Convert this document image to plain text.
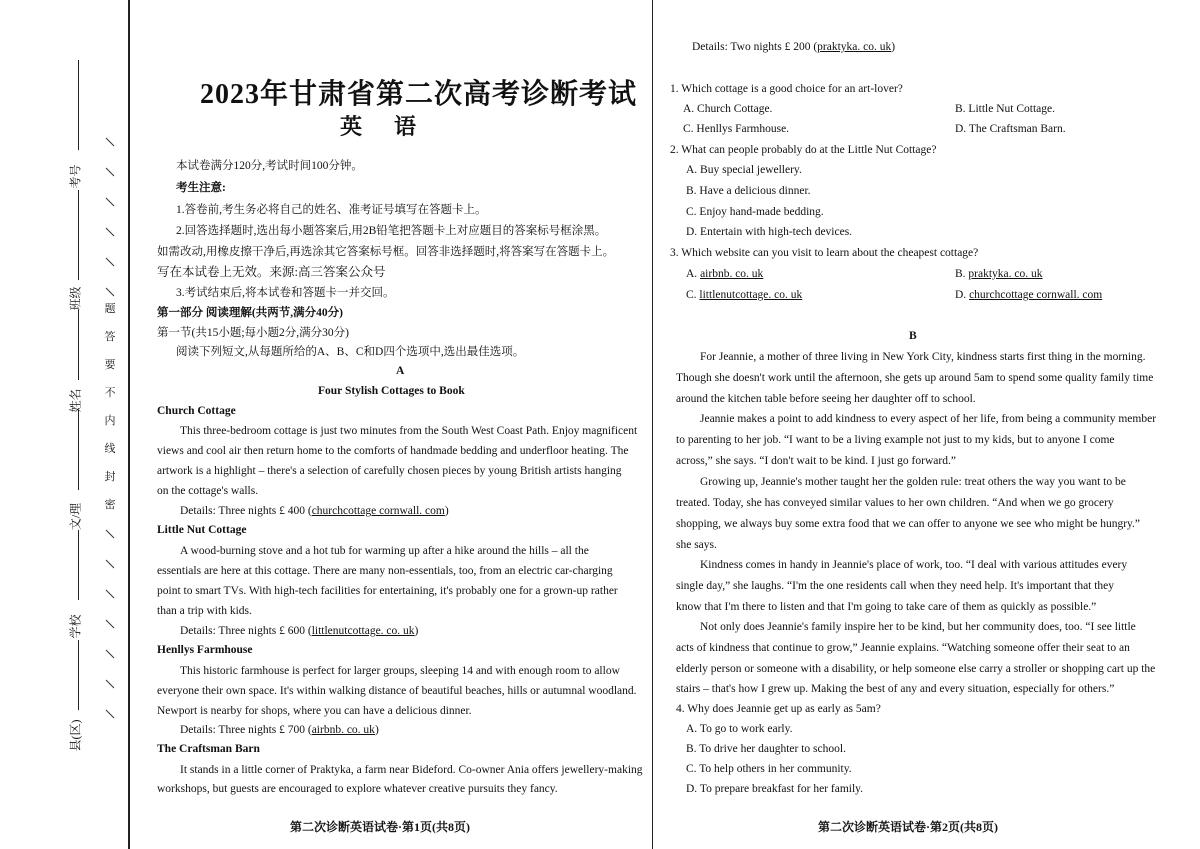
县(区)
学校
文/理
姓名
班级
考号
密
封
线
内
不
要
答
题
2023年甘肃省第二次高考诊断考试
英语
本试卷满分120分,考试时间100分钟。
考生注意:
1.答卷前,考生务必将自己的姓名、准考证号填写在答题卡上。
2.回答选择题时,选出每小题答案后,用2B铅笔把答题卡上对应题目的答案标号框涂黑。
如需改动,用橡皮擦干净后,再选涂其它答案标号框。回答非选择题时,将答案写在答题卡上。
写在本试卷上无效。来源:高三答案公众号
3.考试结束后,将本试卷和答题卡一并交回。
第一部分 阅读理解(共两节,满分40分)
第一节(共15小题;每小题2分,满分30分)
阅读下列短文,从每题所给的A、B、C和D四个选项中,选出最佳选项。
A
Four Stylish Cottages to Book
Church Cottage
This three-bedroom cottage is just two minutes from the South West Coast Path. Enjoy magnificent
views and cool air then return home to the comforts of handmade bedding and underfloor heating. The
artwork is a highlight – there's a selection of carefully chosen pieces by young British artists hanging
on the cottage's walls.
Details: Three nights £ 400 (churchcottage cornwall. com)
Little Nut Cottage
A wood-burning stove and a hot tub for warming up after a hike around the hills – all the
essentials are here at this cottage. There are many non-essentials, too, from an electric car-charging
point to smart TVs. With high-tech facilities for entertaining, it's probably one for a grown-up rather
than a trip with kids.
Details: Three nights £ 600 (littlenutcottage. co. uk)
Henllys Farmhouse
This historic farmhouse is perfect for larger groups, sleeping 14 and with enough room to allow
everyone their own space. It's within walking distance of beautiful beaches, hills or autumnal woodland.
Newport is nearby for shops, where you can have a delicious dinner.
Details: Three nights £ 700 (airbnb. co. uk)
The Craftsman Barn
It stands in a little corner of Praktyka, a farm near Bideford. Co-owner Ania offers jewellery-making
workshops, but guests are encouraged to explore whatever creative pursuits they fancy.
第二次诊断英语试卷·第1页(共8页)
Details: Two nights £ 200 (praktyka. co. uk)
1. Which cottage is a good choice for an art-lover?
A. Church Cottage.	B. Little Nut Cottage.
C. Henllys Farmhouse.	D. The Craftsman Barn.
2. What can people probably do at the Little Nut Cottage?
A. Buy special jewellery.
B. Have a delicious dinner.
C. Enjoy hand-made bedding.
D. Entertain with high-tech devices.
3. Which website can you visit to learn about the cheapest cottage?
A. airbnb. co. uk	B. praktyka. co. uk
C. littlenutcottage. co. uk	D. churchcottage cornwall. com
B
For Jeannie, a mother of three living in New York City, kindness starts first thing in the morning.
Though she doesn't work until the afternoon, she gets up around 5am to spend some quality family time
around the kitchen table before seeing her daughter off to school.
Jeannie makes a point to add kindness to every aspect of her life, from being a community member
to parenting to her job. “I want to be a living example not just to my kids, but to anyone I come
across,” she says. “I don't wait to be kind. I just go forward.”
Growing up, Jeannie's mother taught her the golden rule: treat others the way you want to be
treated. Today, she has conveyed similar values to her own children. “And when we go grocery
shopping, we always buy some extra food that we can offer to anyone we see who might be hungry.”
she says.
Kindness comes in handy in Jeannie's place of work, too. “I deal with various attitudes every
single day,” she laughs. “I'm the one residents call when they need help. It's important that they
know that I'm there to listen and that I'm going to take care of them as quickly as possible.”
Not only does Jeannie's family inspire her to be kind, but her community does, too. “I see little
acts of kindness that continue to grow,” Jeannie explains. “Watching someone offer their seat to an
elderly person or someone with a disability, or help someone else carry a stroller or shopping cart up the
stairs – that's how I grew up. Making the best of any and every situation, especially for others.”
4. Why does Jeannie get up as early as 5am?
A. To go to work early.
B. To drive her daughter to school.
C. To help others in her community.
D. To prepare breakfast for her family.
第二次诊断英语试卷·第2页(共8页)
